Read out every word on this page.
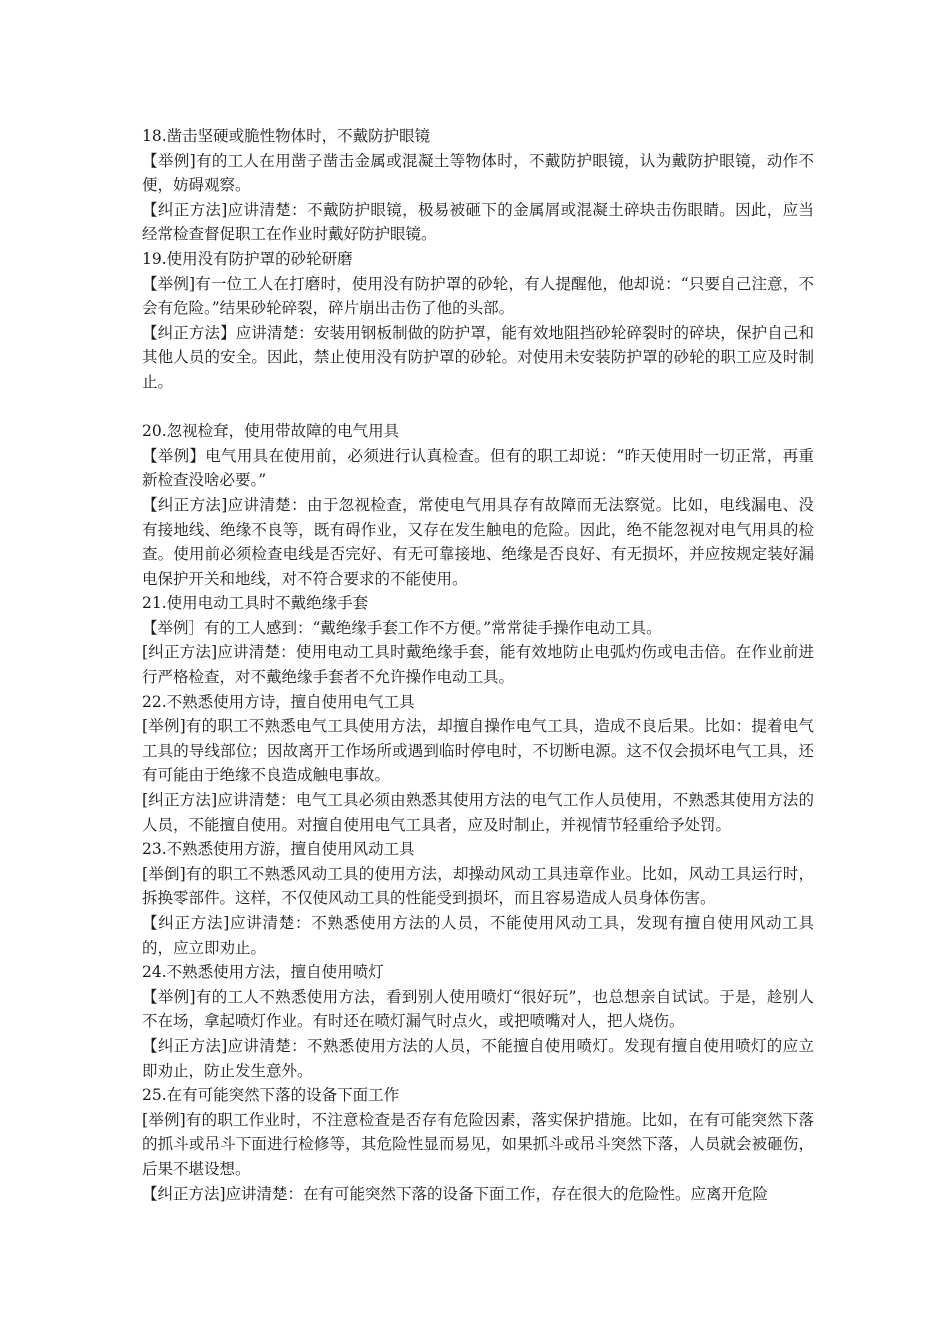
18.凿击坚硬或脆性物体时，不戴防护眼镜

【举例]有的工人在用凿子凿击金属或混凝土等物体时，不戴防护眼镜，认为戴防护眼镜，动作不便，妨碍观察。

【纠正方法]应讲清楚：不戴防护眼镜，极易被砸下的金属屑或混凝土碎块击伤眼睛。因此，应当经常检查督促职工在作业时戴好防护眼镜。

19.使用没有防护罩的砂轮研磨

【举例]有一位工人在打磨时，使用没有防护罩的砂轮，有人提醒他，他却说：“只要自己注意，不会有危险。”结果砂轮碎裂，碎片崩出击伤了他的头部。

【纠正方法】应讲清楚：安装用钢板制做的防护罩，能有效地阻挡砂轮碎裂时的碎块，保护自己和其他人员的安全。因此，禁止使用没有防护罩的砂轮。对使用未安装防护罩的砂轮的职工应及时制止。

20.忽视检耷，使用带故障的电气用具

【举例】电气用具在使用前，必须进行认真检查。但有的职工却说：“昨天使用时一切正常，再重新检查没啥必要。”

【纠正方法]应讲清楚：由于忽视检查，常使电气用具存有故障而无法察觉。比如，电线漏电、没有接地线、绝缘不良等，既有碍作业，又存在发生触电的危险。因此，绝不能忽视对电气用具的检查。使用前必须检查电线是否完好、有无可靠接地、绝缘是否良好、有无损坏，并应按规定装好漏电保护开关和地线，对不符合要求的不能使用。

21.使用电动工具时不戴绝缘手套

【举例］有的工人感到：“戴绝缘手套工作不方便。”常常徒手操作电动工具。

[纠正方法]应讲清楚：使用电动工具时戴绝缘手套，能有效地防止电弧灼伤或电击倍。在作业前进行严格检查，对不戴绝缘手套者不允许操作电动工具。

22.不熟悉使用方诗，擅自使用电气工具

[举例]有的职工不熟悉电气工具使用方法，却擅自操作电气工具，造成不良后果。比如：提着电气工具的导线部位；因故离开工作场所或遇到临时停电时，不切断电源。这不仅会损坏电气工具，还有可能由于绝缘不良造成触电事故。

[纠正方法]应讲清楚：电气工具必须由熟悉其使用方法的电气工作人员使用，不熟悉其使用方法的人员，不能擅自使用。对擅自使用电气工具者，应及时制止，并视情节轻重给予处罚。

23.不熟悉使用方游，擅自使用风动工具

[举倒]有的职工不熟悉风动工具的使用方法，却操动风动工具违章作业。比如，风动工具运行时，拆换零部件。这样，不仅使风动工具的性能受到损坏，而且容易造成人员身体伤害。

【纠正方法]应讲清楚：不熟悉使用方法的人员，不能使用风动工具，发现有擅自使用风动工具的，应立即劝止。

24.不熟悉使用方法，擅自使用喷灯

【举例]有的工人不熟悉使用方法，看到别人使用喷灯“很好玩”，也总想亲自试试。于是，趁别人不在场，拿起喷灯作业。有时还在喷灯漏气时点火，或把喷嘴对人，把人烧伤。

【纠正方法]应讲清楚：不熟悉使用方法的人员，不能擅自使用喷灯。发现有擅自使用喷灯的应立即劝止，防止发生意外。

25.在有可能突然下落的设备下面工作

[举例]有的职工作业时，不注意检查是否存有危险因素，落实保护措施。比如，在有可能突然下落的抓斗或吊斗下面进行检修等，其危险性显而易见，如果抓斗或吊斗突然下落，人员就会被砸伤，后果不堪设想。

【纠正方法]应讲清楚：在有可能突然下落的设备下面工作，存在很大的危险性。应离开危险
